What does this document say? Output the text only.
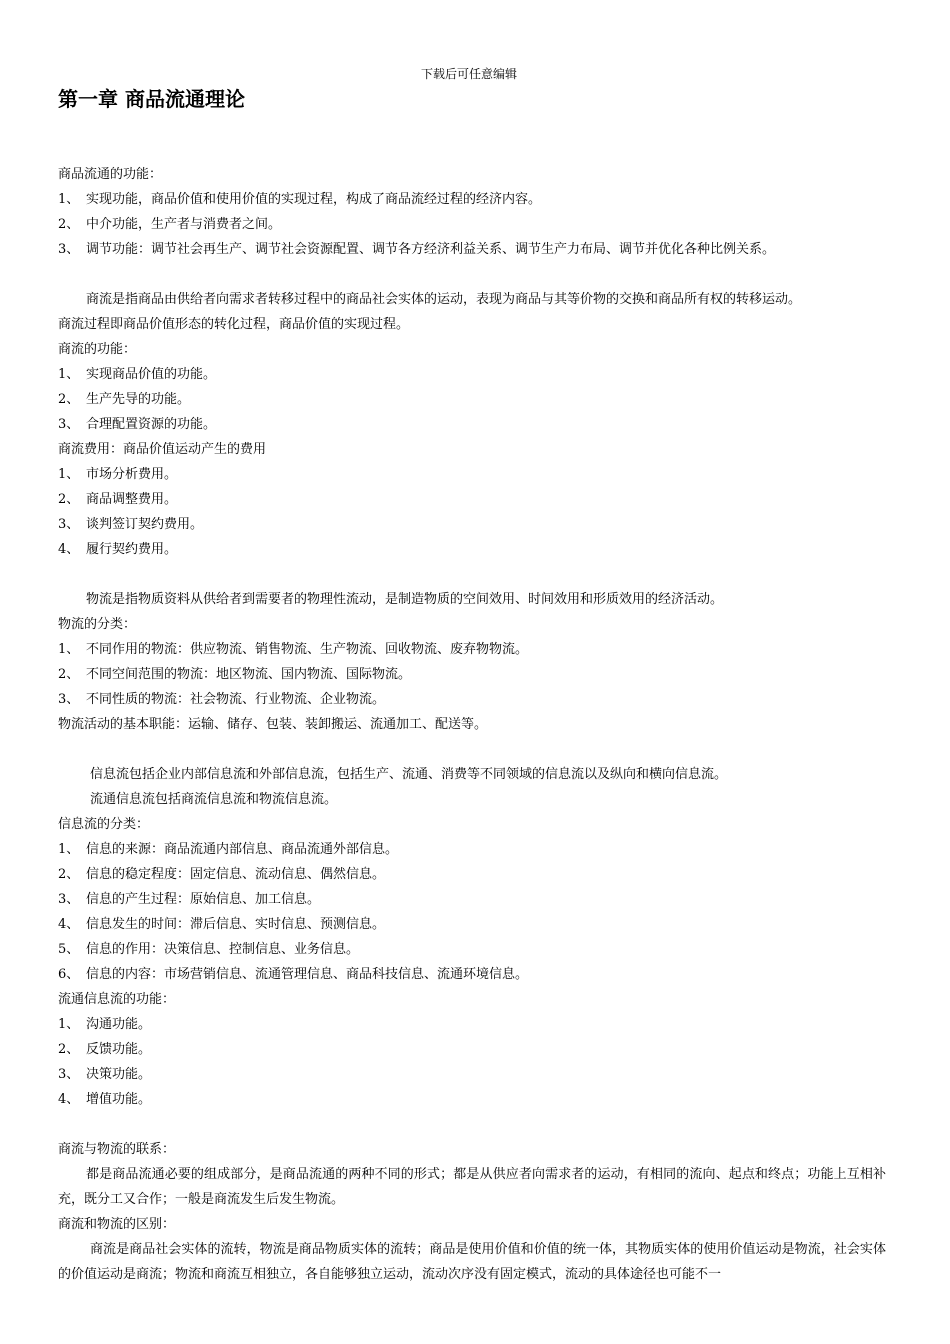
下载后可任意编辑
第一章 商品流通理论
商品流通的功能：
1、 实现功能，商品价值和使用价值的实现过程，构成了商品流经过程的经济内容。
2、 中介功能，生产者与消费者之间。
3、 调节功能：调节社会再生产、调节社会资源配置、调节各方经济利益关系、调节生产力布局、调节并优化各种比例关系。
商流是指商品由供给者向需求者转移过程中的商品社会实体的运动，表现为商品与其等价物的交换和商品所有权的转移运动。
商流过程即商品价值形态的转化过程，商品价值的实现过程。
商流的功能：
1、 实现商品价值的功能。
2、 生产先导的功能。
3、 合理配置资源的功能。
商流费用：商品价值运动产生的费用
1、 市场分析费用。
2、 商品调整费用。
3、 谈判签订契约费用。
4、 履行契约费用。
物流是指物质资料从供给者到需要者的物理性流动，是制造物质的空间效用、时间效用和形质效用的经济活动。
物流的分类：
1、 不同作用的物流：供应物流、销售物流、生产物流、回收物流、废弃物物流。
2、 不同空间范围的物流：地区物流、国内物流、国际物流。
3、 不同性质的物流：社会物流、行业物流、企业物流。
物流活动的基本职能：运输、储存、包装、装卸搬运、流通加工、配送等。
信息流包括企业内部信息流和外部信息流，包括生产、流通、消费等不同领域的信息流以及纵向和横向信息流。
流通信息流包括商流信息流和物流信息流。
信息流的分类：
1、 信息的来源：商品流通内部信息、商品流通外部信息。
2、 信息的稳定程度：固定信息、流动信息、偶然信息。
3、 信息的产生过程：原始信息、加工信息。
4、 信息发生的时间：滞后信息、实时信息、预测信息。
5、 信息的作用：决策信息、控制信息、业务信息。
6、 信息的内容：市场营销信息、流通管理信息、商品科技信息、流通环境信息。
流通信息流的功能：
1、 沟通功能。
2、 反馈功能。
3、 决策功能。
4、 增值功能。
商流与物流的联系：
都是商品流通必要的组成部分，是商品流通的两种不同的形式；都是从供应者向需求者的运动，有相同的流向、起点和终点；功能上互相补充，既分工又合作；一般是商流发生后发生物流。
商流和物流的区别：
商流是商品社会实体的流转，物流是商品物质实体的流转；商品是使用价值和价值的统一体，其物质实体的使用价值运动是物流，社会实体的价值运动是商流；物流和商流互相独立，各自能够独立运动，流动次序没有固定模式，流动的具体途径也可能不一
